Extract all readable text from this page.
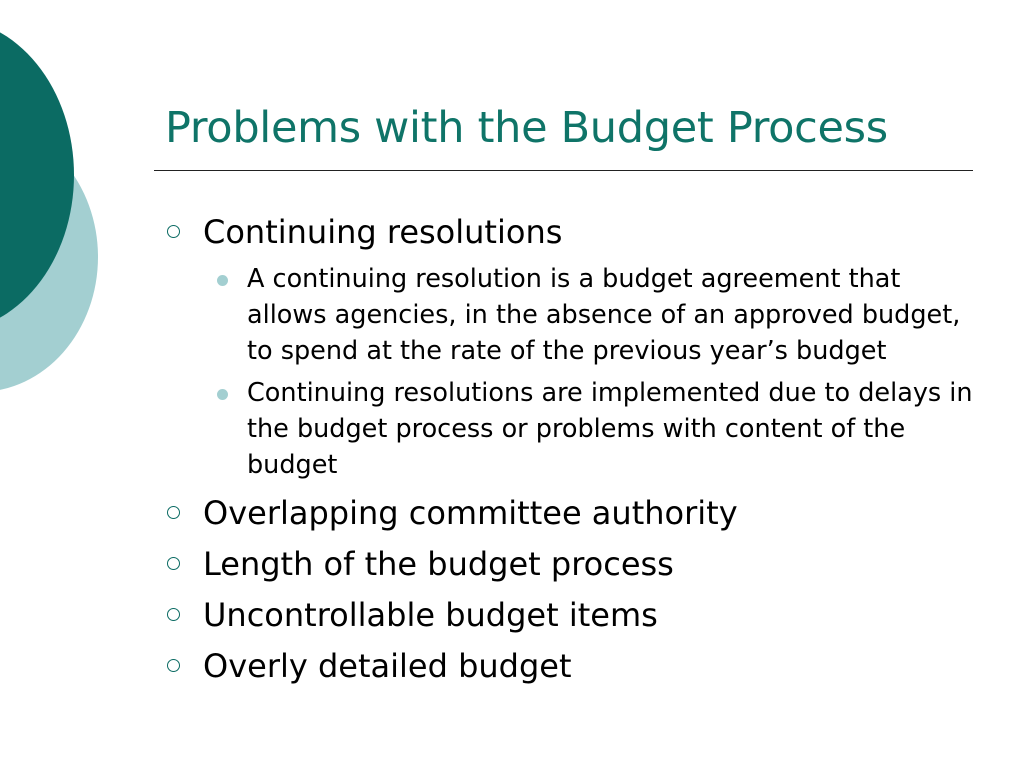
Problems with the Budget Process
Continuing resolutions
A continuing resolution is a budget agreement that allows agencies, in the absence of an approved budget, to spend at the rate of the previous year’s budget
Continuing resolutions are implemented due to delays in the budget process or problems with content of the budget
Overlapping committee authority
Length of the budget process
Uncontrollable budget items
Overly detailed budget
